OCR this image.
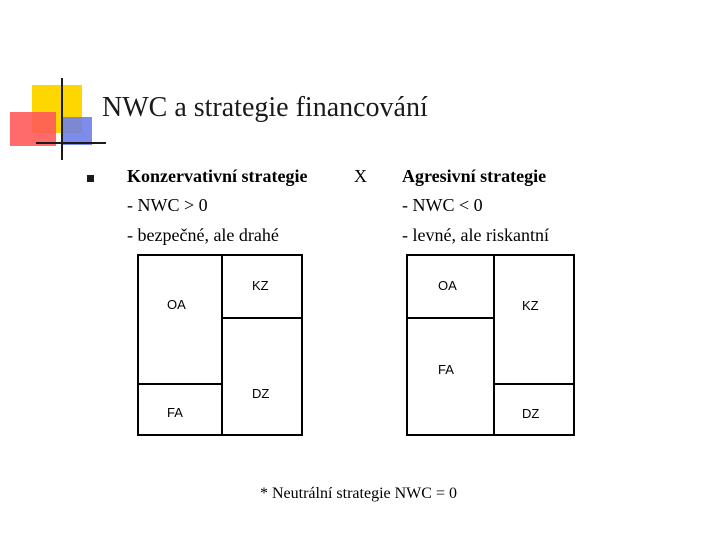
NWC a strategie financování
Konzervativní strategie
- NWC > 0
- bezpečné, ale drahé
X Agresivní strategie
- NWC < 0
- levné, ale riskantní
OA
FA
KZ
DZ
OA
FA
KZ
DZ
* Neutrální strategie NWC = 0
